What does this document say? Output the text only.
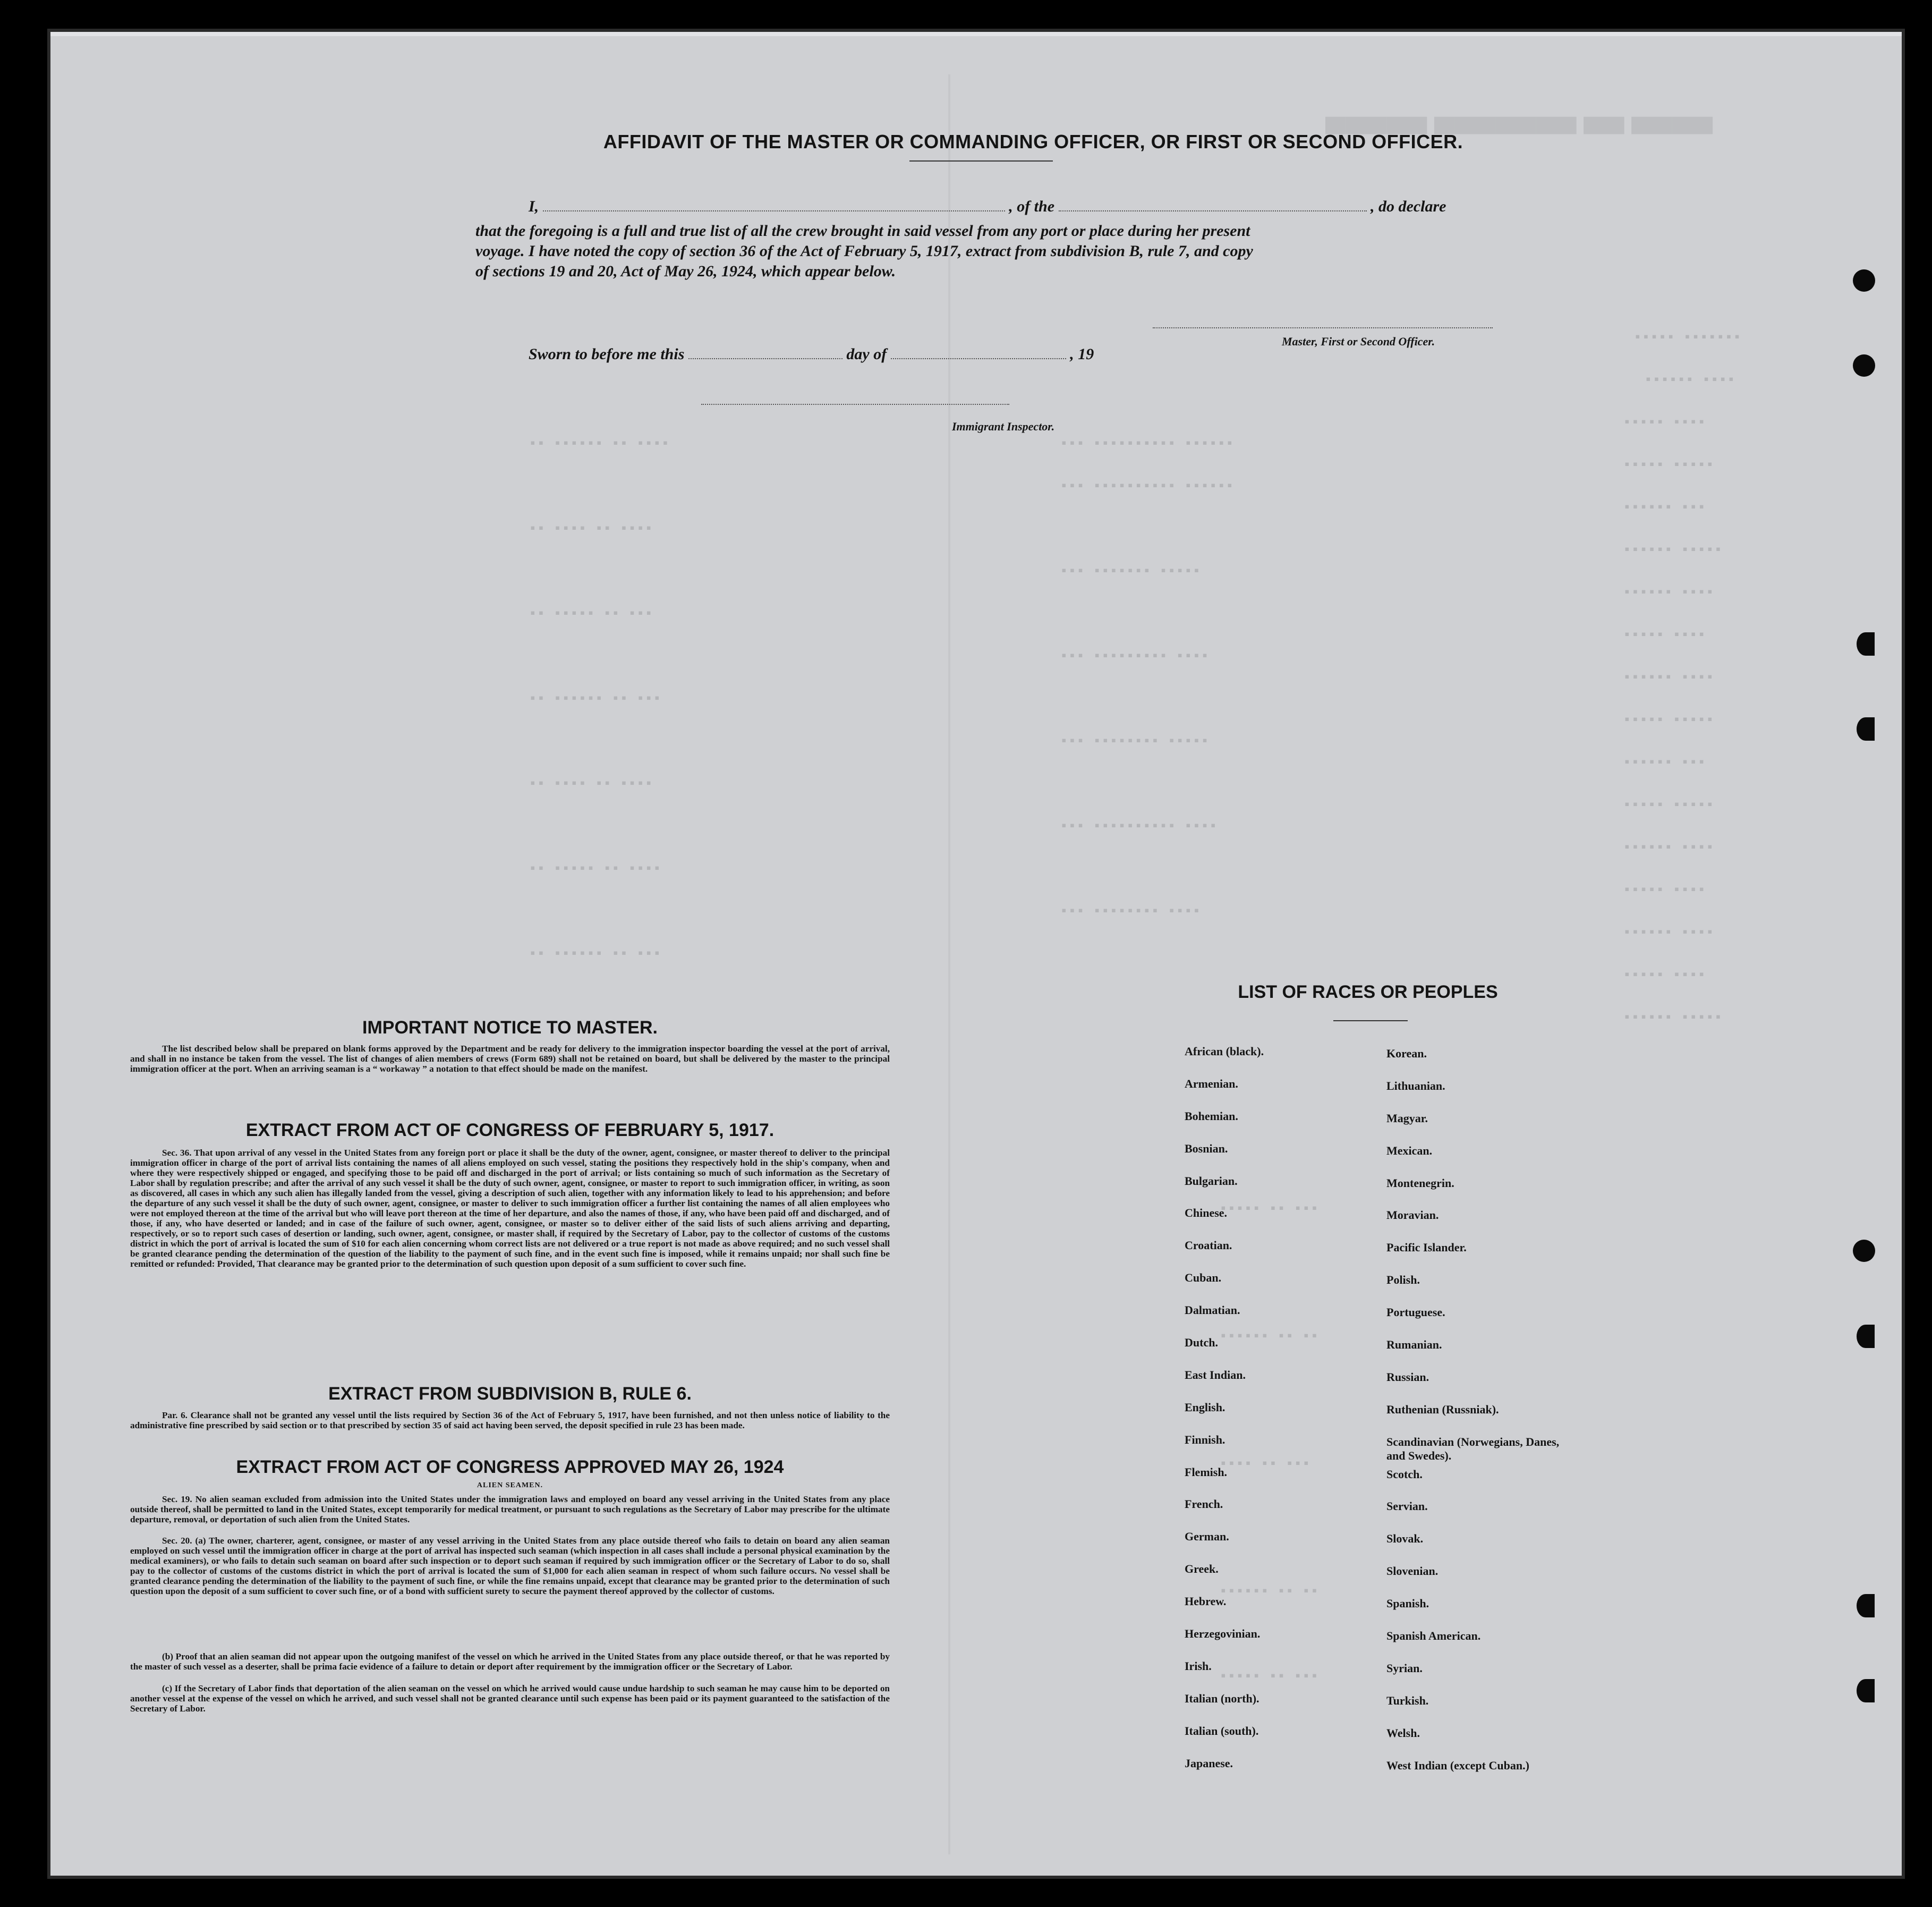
▀▀▀▀ ▀▀ ▀▀▀▀▀▀▀ ▀▀▀▀▀
▪▪▪▪▪ ▪▪▪▪▪▪▪
▪▪▪▪▪▪ ▪▪▪▪
▪▪▪▪▪ ▪▪▪▪
▪▪▪▪▪ ▪▪▪▪▪
▪▪▪▪▪▪ ▪▪▪
▪▪▪▪▪▪ ▪▪▪▪▪
▪▪▪▪▪▪ ▪▪▪▪
▪▪▪▪▪ ▪▪▪▪
▪▪▪▪▪▪ ▪▪▪▪
▪▪▪▪▪ ▪▪▪▪▪
▪▪▪▪▪▪ ▪▪▪
▪▪▪▪▪ ▪▪▪▪▪
▪▪▪▪▪▪ ▪▪▪▪
▪▪▪▪▪ ▪▪▪▪
▪▪▪▪▪▪ ▪▪▪▪
▪▪▪▪▪ ▪▪▪▪
▪▪▪▪▪▪ ▪▪▪▪▪
▪▪▪ ▪▪▪▪▪▪▪▪▪▪ ▪▪▪▪▪▪
▪▪▪ ▪▪▪▪▪▪▪▪▪▪ ▪▪▪▪▪▪
▪▪▪ ▪▪▪▪▪▪▪ ▪▪▪▪▪
▪▪▪ ▪▪▪▪▪▪▪▪▪ ▪▪▪▪
▪▪▪ ▪▪▪▪▪▪▪▪ ▪▪▪▪▪
▪▪▪ ▪▪▪▪▪▪▪▪▪▪ ▪▪▪▪
▪▪▪ ▪▪▪▪▪▪▪▪ ▪▪▪▪
▪▪ ▪▪▪▪▪▪ ▪▪ ▪▪▪▪
▪▪ ▪▪▪▪ ▪▪ ▪▪▪▪
▪▪ ▪▪▪▪▪ ▪▪ ▪▪▪
▪▪ ▪▪▪▪▪▪ ▪▪ ▪▪▪
▪▪ ▪▪▪▪ ▪▪ ▪▪▪▪
▪▪ ▪▪▪▪▪ ▪▪ ▪▪▪▪
▪▪ ▪▪▪▪▪▪ ▪▪ ▪▪▪
▪▪▪▪▪ ▪▪ ▪▪▪
▪▪▪▪▪▪ ▪▪ ▪▪
▪▪▪▪ ▪▪ ▪▪▪
▪▪▪▪▪▪ ▪▪ ▪▪
▪▪▪▪▪ ▪▪ ▪▪▪
AFFIDAVIT OF THE MASTER OR COMMANDING OFFICER, OR FIRST OR SECOND OFFICER.
I,	, of the	, do declare
that the foregoing is a full and true list of all the crew brought in said vessel from any port or place during her present
voyage. I have noted the copy of section 36 of the Act of February 5, 1917, extract from subdivision B, rule 7, and copy
of sections 19 and 20, Act of May 26, 1924, which appear below.
Master, First or Second Officer.
Sworn to before me this	day of	, 19
Immigrant Inspector.
IMPORTANT NOTICE TO MASTER.
The list described below shall be prepared on blank forms approved by the Department and be ready for delivery to the immigration inspector boarding the vessel at the port of arrival, and shall in no instance be taken from the vessel. The list of changes of alien members of crews (Form 689) shall not be retained on board, but shall be delivered by the master to the principal immigration officer at the port. When an arriving seaman is a “ workaway ” a notation to that effect should be made on the manifest.
EXTRACT FROM ACT OF CONGRESS OF FEBRUARY 5, 1917.
Sec. 36. That upon arrival of any vessel in the United States from any foreign port or place it shall be the duty of the owner, agent, consignee, or master thereof to deliver to the principal immigration officer in charge of the port of arrival lists containing the names of all aliens employed on such vessel, stating the positions they respectively hold in the ship's company, when and where they were respectively shipped or engaged, and specifying those to be paid off and discharged in the port of arrival; or lists containing so much of such information as the Secretary of Labor shall by regulation prescribe; and after the arrival of any such vessel it shall be the duty of such owner, agent, consignee, or master to report to such immigration officer, in writing, as soon as discovered, all cases in which any such alien has illegally landed from the vessel, giving a description of such alien, together with any information likely to lead to his apprehension; and before the departure of any such vessel it shall be the duty of such owner, agent, consignee, or master to deliver to such immigration officer a further list containing the names of all alien employees who were not employed thereon at the time of the arrival but who will leave port thereon at the time of her departure, and also the names of those, if any, who have been paid off and discharged, and of those, if any, who have deserted or landed; and in case of the failure of such owner, agent, consignee, or master so to deliver either of the said lists of such aliens arriving and departing, respectively, or so to report such cases of desertion or landing, such owner, agent, consignee, or master shall, if required by the Secretary of Labor, pay to the collector of customs of the customs district in which the port of arrival is located the sum of $10 for each alien concerning whom correct lists are not delivered or a true report is not made as above required; and no such vessel shall be granted clearance pending the determination of the question of the liability to the payment of such fine, and in the event such fine is imposed, while it remains unpaid; nor shall such fine be remitted or refunded: Provided, That clearance may be granted prior to the determination of such question upon deposit of a sum sufficient to cover such fine.
EXTRACT FROM SUBDIVISION B, RULE 6.
Par. 6. Clearance shall not be granted any vessel until the lists required by Section 36 of the Act of February 5, 1917, have been furnished, and not then unless notice of liability to the administrative fine prescribed by said section or to that prescribed by section 35 of said act having been served, the deposit specified in rule 23 has been made.
EXTRACT FROM ACT OF CONGRESS APPROVED MAY 26, 1924
ALIEN SEAMEN.
Sec. 19. No alien seaman excluded from admission into the United States under the immigration laws and employed on board any vessel arriving in the United States from any place outside thereof, shall be permitted to land in the United States, except temporarily for medical treatment, or pursuant to such regulations as the Secretary of Labor may prescribe for the ultimate departure, removal, or deportation of such alien from the United States.
Sec. 20. (a) The owner, charterer, agent, consignee, or master of any vessel arriving in the United States from any place outside thereof who fails to detain on board any alien seaman employed on such vessel until the immigration officer in charge at the port of arrival has inspected such seaman (which inspection in all cases shall include a personal physical examination by the medical examiners), or who fails to detain such seaman on board after such inspection or to deport such seaman if required by such immigration officer or the Secretary of Labor to do so, shall pay to the collector of customs of the customs district in which the port of arrival is located the sum of $1,000 for each alien seaman in respect of whom such failure occurs. No vessel shall be granted clearance pending the determination of the liability to the payment of such fine, or while the fine remains unpaid, except that clearance may be granted prior to the determination of such question upon the deposit of a sum sufficient to cover such fine, or of a bond with sufficient surety to secure the payment thereof approved by the collector of customs.
(b) Proof that an alien seaman did not appear upon the outgoing manifest of the vessel on which he arrived in the United States from any place outside thereof, or that he was reported by the master of such vessel as a deserter, shall be prima facie evidence of a failure to detain or deport after requirement by the immigration officer or the Secretary of Labor.
(c) If the Secretary of Labor finds that deportation of the alien seaman on the vessel on which he arrived would cause undue hardship to such seaman he may cause him to be deported on another vessel at the expense of the vessel on which he arrived, and such vessel shall not be granted clearance until such expense has been paid or its payment guaranteed to the satisfaction of the Secretary of Labor.
LIST OF RACES OR PEOPLES
African (black).
Armenian.
Bohemian.
Bosnian.
Bulgarian.
Chinese.
Croatian.
Cuban.
Dalmatian.
Dutch.
East Indian.
English.
Finnish.
Flemish.
French.
German.
Greek.
Hebrew.
Herzegovinian.
Irish.
Italian (north).
Italian (south).
Japanese.
Korean.
Lithuanian.
Magyar.
Mexican.
Montenegrin.
Moravian.
Pacific Islander.
Polish.
Portuguese.
Rumanian.
Russian.
Ruthenian (Russniak).
Scandinavian (Norwegians, Danes, and Swedes).
Scotch.
Servian.
Slovak.
Slovenian.
Spanish.
Spanish American.
Syrian.
Turkish.
Welsh.
West Indian (except Cuban.)
